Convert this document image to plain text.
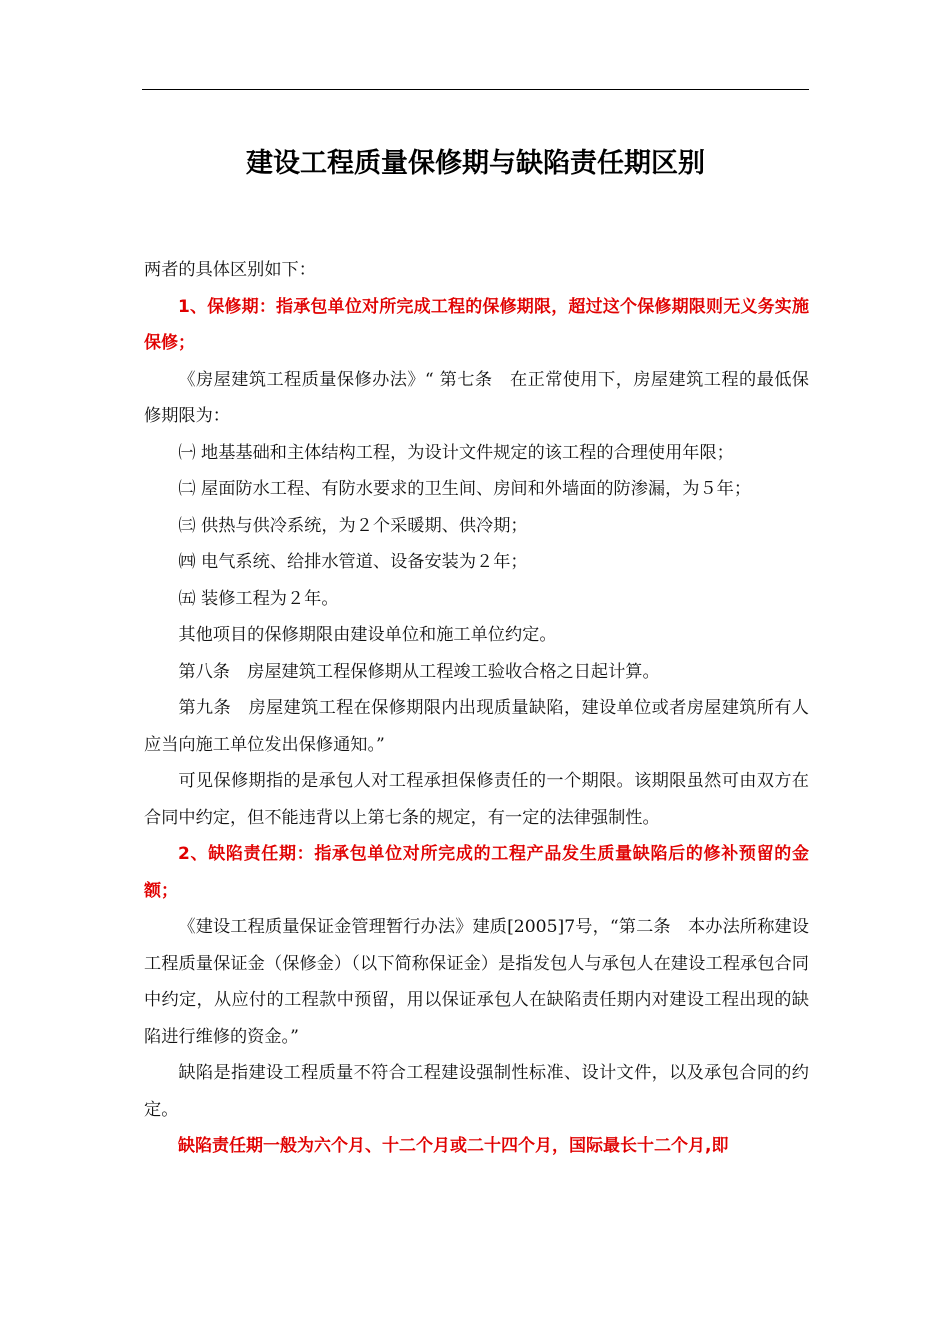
建设工程质量保修期与缺陷责任期区别

两者的具体区别如下：

1、保修期：指承包单位对所完成工程的保修期限，超过这个保修期限则无义务实施保修；

《房屋建筑工程质量保修办法》“ 第七条　在正常使用下，房屋建筑工程的最低保修期限为：

㈠ 地基基础和主体结构工程，为设计文件规定的该工程的合理使用年限；

㈡ 屋面防水工程、有防水要求的卫生间、房间和外墙面的防渗漏，为５年；

㈢ 供热与供冷系统，为２个采暖期、供冷期；

㈣ 电气系统、给排水管道、设备安装为２年；

㈤ 装修工程为２年。

其他项目的保修期限由建设单位和施工单位约定。

第八条　房屋建筑工程保修期从工程竣工验收合格之日起计算。

第九条　房屋建筑工程在保修期限内出现质量缺陷，建设单位或者房屋建筑所有人应当向施工单位发出保修通知。”

可见保修期指的是承包人对工程承担保修责任的一个期限。该期限虽然可由双方在合同中约定，但不能违背以上第七条的规定，有一定的法律强制性。

2、缺陷责任期：指承包单位对所完成的工程产品发生质量缺陷后的修补预留的金额；

《建设工程质量保证金管理暂行办法》建质[2005]7号，“第二条　本办法所称建设工程质量保证金（保修金）（以下简称保证金）是指发包人与承包人在建设工程承包合同中约定，从应付的工程款中预留，用以保证承包人在缺陷责任期内对建设工程出现的缺陷进行维修的资金。”

缺陷是指建设工程质量不符合工程建设强制性标准、设计文件，以及承包合同的约定。

缺陷责任期一般为六个月、十二个月或二十四个月，国际最长十二个月,即
